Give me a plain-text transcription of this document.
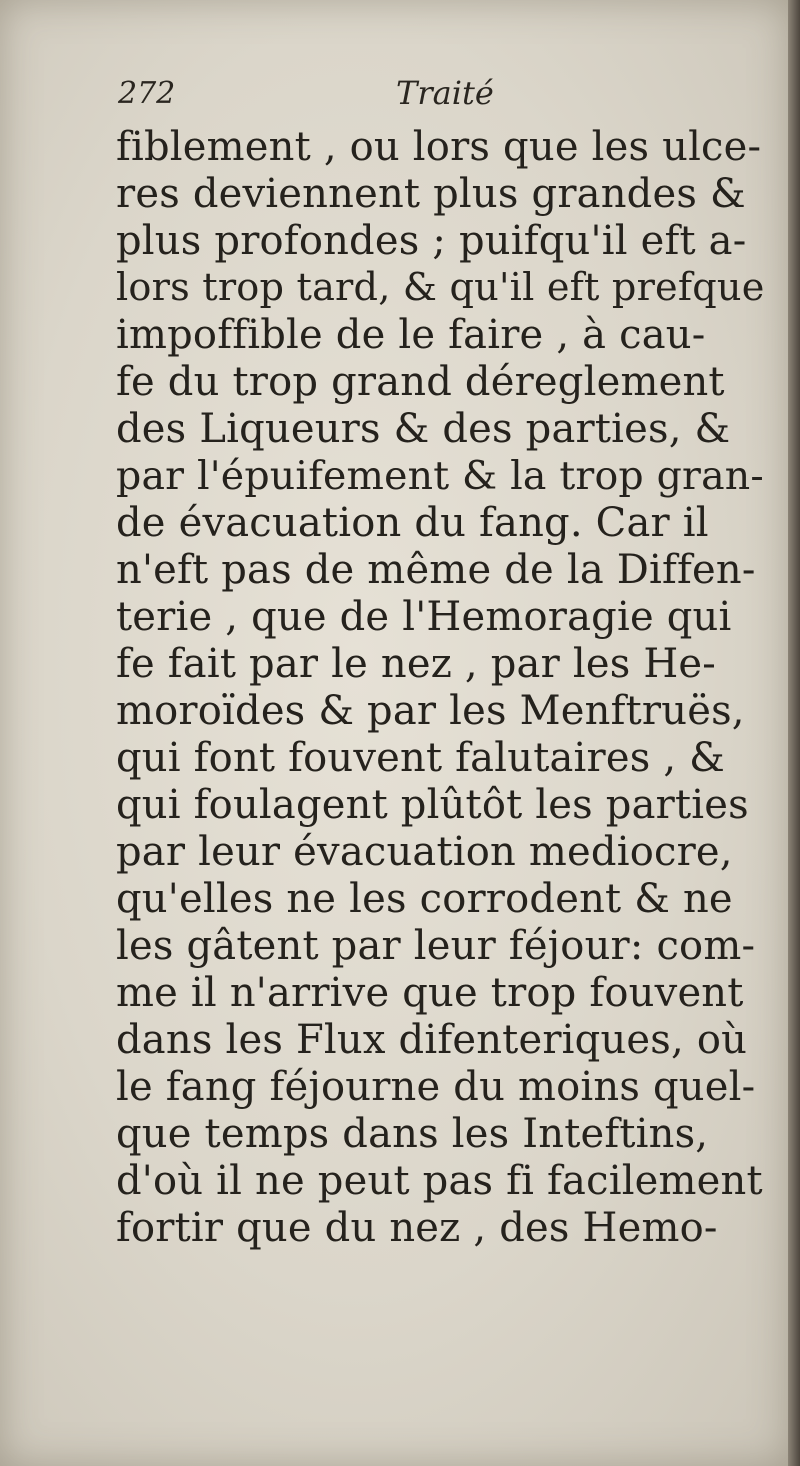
272	Traité
fiblement , ou lors que les ulce-
res deviennent plus grandes &
plus profondes ; puifqu'il eft a-
lors trop tard, & qu'il eft prefque
impoffible de le faire , à cau-
fe du trop grand déreglement
des Liqueurs & des parties, &
par l'épuifement & la trop gran-
de évacuation du fang. Car il
n'eft pas de même de la Diffen-
terie , que de l'Hemoragie qui
fe fait par le nez , par les He-
moroïdes & par les Menftruës,
qui font fouvent falutaires , &
qui foulagent plûtôt les parties
par leur évacuation mediocre,
qu'elles ne les corrodent & ne
les gâtent par leur féjour: com-
me il n'arrive que trop fouvent
dans les Flux difenteriques, où
le fang féjourne du moins quel-
que temps dans les Inteftins,
d'où il ne peut pas fi facilement
fortir que du nez , des Hemo-
